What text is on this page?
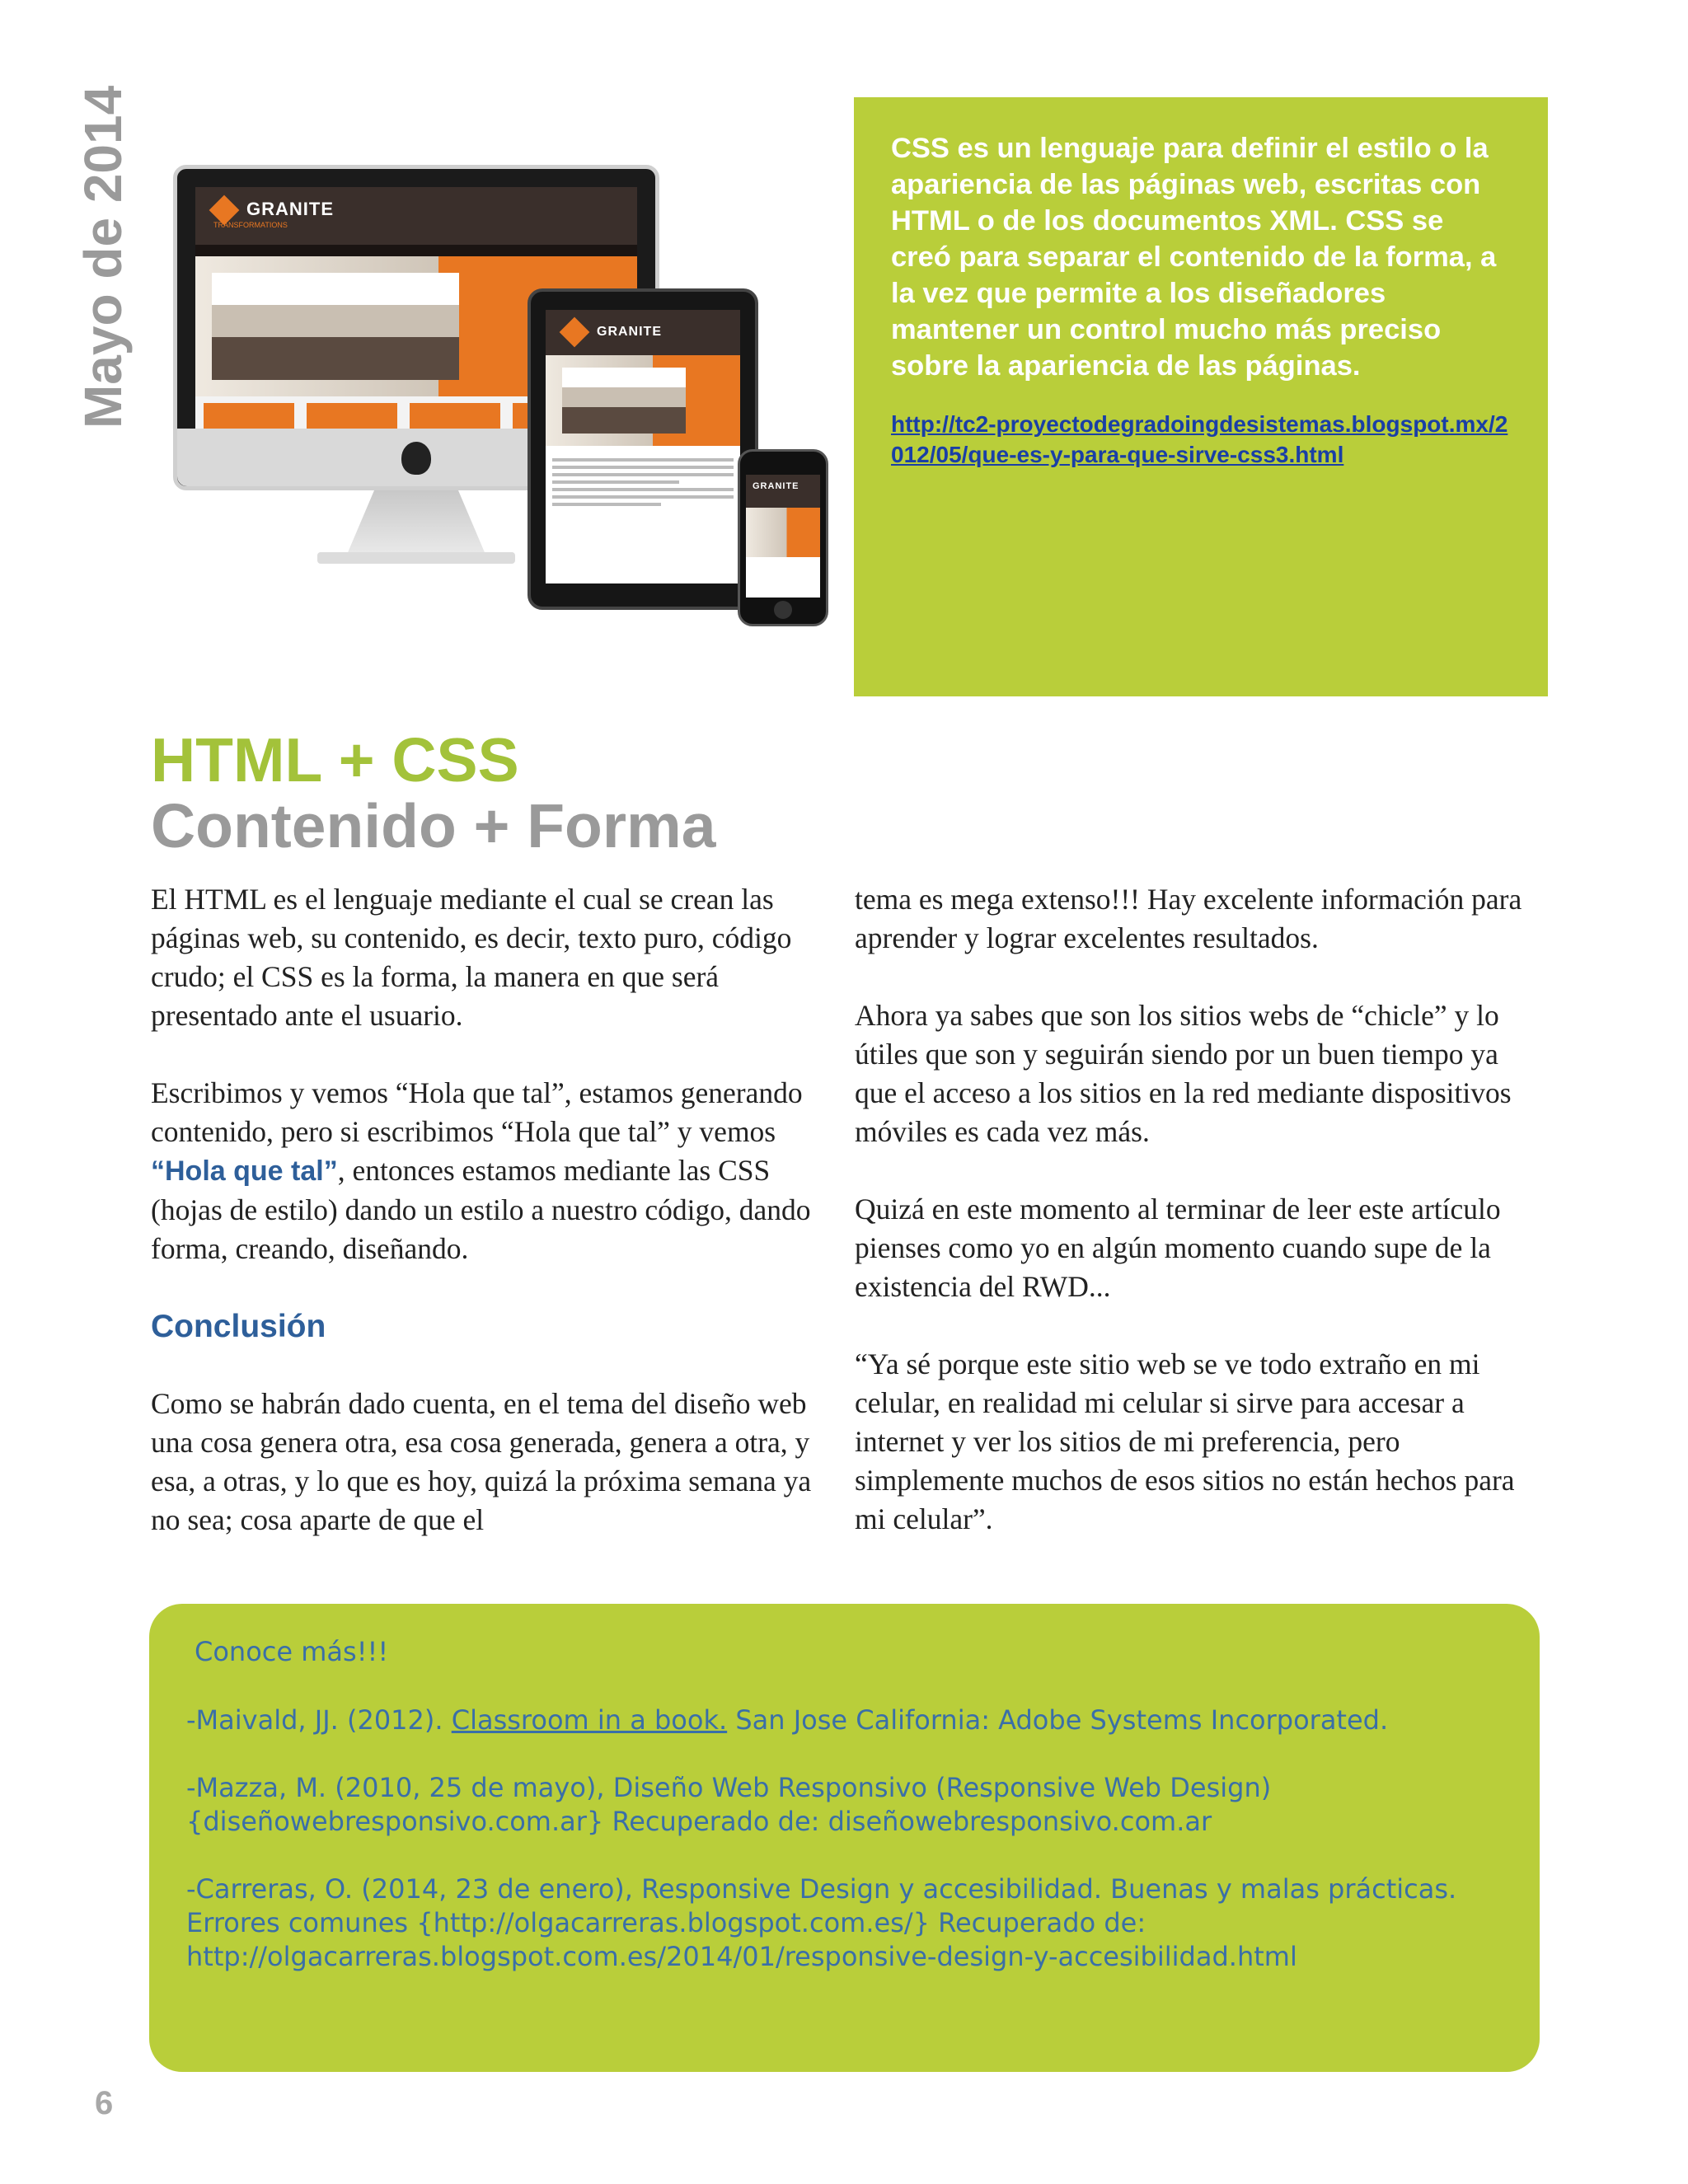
Mayo de 2014	GRANITE
TRANSFORMATIONS
GRANITE
GRANITE
CSS es un lenguaje para definir el estilo o la apariencia de las páginas web, escritas con HTML o de los documentos XML. CSS se creó para separar el contenido de la forma, a la vez que permite a los diseñadores mantener un control mucho más preciso sobre la apariencia de las páginas.
http://tc2-proyectodegradoingdesistemas.blogspot.mx/2012/05/que-es-y-para-que-sirve-css3.html
HTML + CSS
Contenido + Forma

El HTML es el lenguaje mediante el cual se crean las páginas web, su contenido, es decir, texto puro, código crudo; el CSS es la forma, la manera en que será presentado ante el usuario.

Escribimos y vemos “Hola que tal”, estamos generando contenido, pero si escribimos “Hola que tal” y vemos “Hola que tal”, entonces estamos mediante las CSS (hojas de estilo) dando un estilo a nuestro código, dando forma, creando, diseñando.

Conclusión

Como se habrán dado cuenta, en el tema del diseño web una cosa genera otra, esa cosa generada, genera a otra, y esa, a otras, y lo que es hoy, quizá la próxima semana ya no sea; cosa aparte de que el

tema es mega extenso!!! Hay excelente información para aprender y lograr excelentes resultados.

Ahora ya sabes que son los sitios webs de “chicle” y lo útiles que son y seguirán siendo por un buen tiempo ya que el acceso a los sitios en la red mediante dispositivos móviles es cada vez más.

Quizá en este momento al terminar de leer este artículo pienses como yo en algún momento cuando supe de la existencia del RWD...

“Ya sé porque este sitio web se ve todo extraño en mi celular, en realidad mi celular si sirve para accesar a internet y ver los sitios de mi preferencia, pero simplemente muchos de esos sitios no están hechos para mi celular”.

Conoce más!!!

-Maivald, JJ. (2012). Classroom in a book. San Jose California: Adobe Systems Incorporated.

-Mazza, M. (2010, 25 de mayo), Diseño Web Responsivo (Responsive Web Design) {diseñowebresponsivo.com.ar} Recuperado de: diseñowebresponsivo.com.ar

-Carreras, O. (2014, 23 de enero), Responsive Design y accesibilidad. Buenas y malas prácticas. Errores comunes {http://olgacarreras.blogspot.com.es/} Recuperado de: http://olgacarreras.blogspot.com.es/2014/01/responsive-design-y-accesibilidad.html

6
